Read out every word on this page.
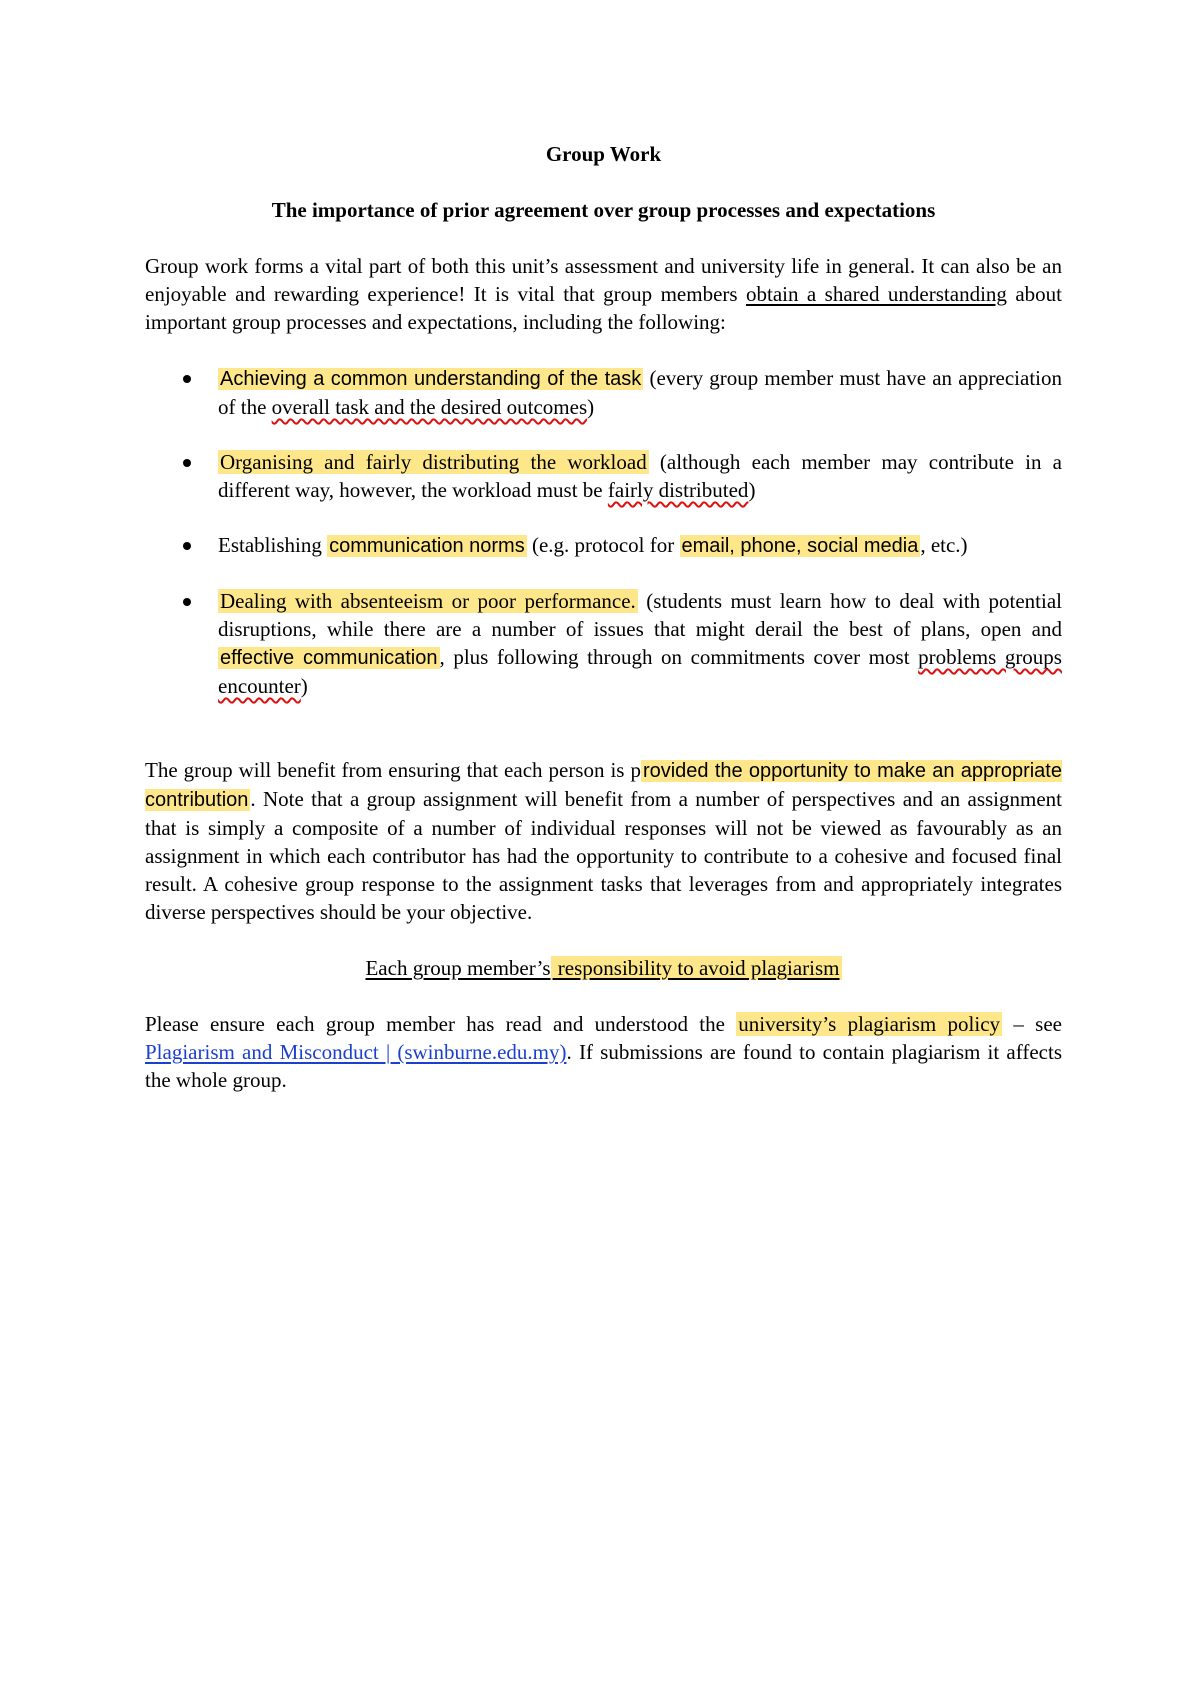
Group Work
The importance of prior agreement over group processes and expectations

Group work forms a vital part of both this unit’s assessment and university life in general. It can also be an enjoyable and rewarding experience! It is vital that group members obtain a shared understanding about important group processes and expectations, including the following:

Achieving a common understanding of the task (every group member must have an appreciation of the overall task and the desired outcomes)
Organising and fairly distributing the workload (although each member may contribute in a different way, however, the workload must be fairly distributed)
Establishing communication norms (e.g. protocol for email, phone, social media, etc.)
Dealing with absenteeism or poor performance. (students must learn how to deal with potential disruptions, while there are a number of issues that might derail the best of plans, open and effective communication, plus following through on commitments cover most problems groups encounter)

The group will benefit from ensuring that each person is p rovided the opportunity to make an appropriate contribution. Note that a group assignment will benefit from a number of perspectives and an assignment that is simply a composite of a number of individual responses will not be viewed as favourably as an assignment in which each contributor has had the opportunity to contribute to a cohesive and focused final result. A cohesive group response to the assignment tasks that leverages from and appropriately integrates diverse perspectives should be your objective.

Each group member’s responsibility to avoid plagiarism

Please ensure each group member has read and understood the university’s plagiarism policy – see Plagiarism and Misconduct | (swinburne.edu.my). If submissions are found to contain plagiarism it affects the whole group.
